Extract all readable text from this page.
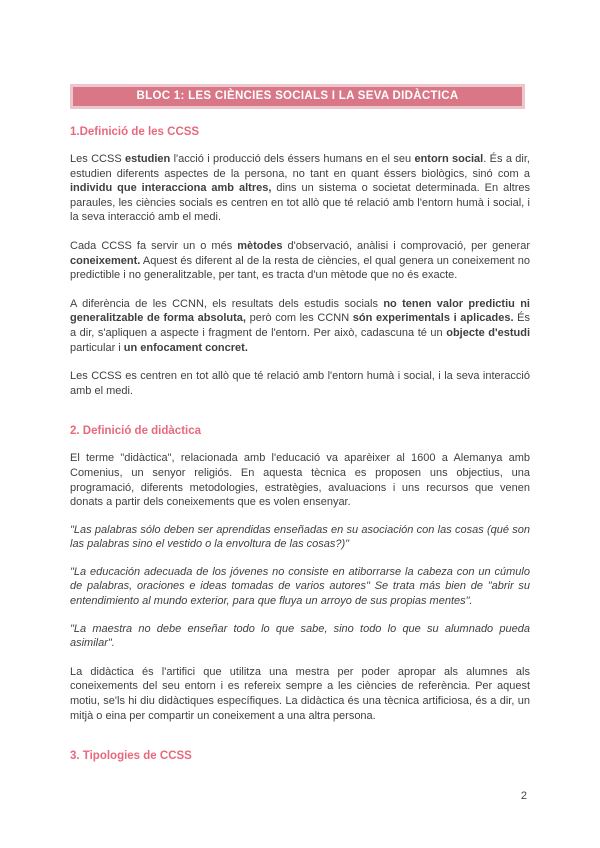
BLOC 1: LES CIÈNCIES SOCIALS I LA SEVA DIDÀCTICA
1.Definició de les CCSS

Les CCSS estudien l'acció i producció dels éssers humans en el seu entorn social. És a dir, estudien diferents aspectes de la persona, no tant en quant éssers biològics, sinó com a individu que interacciona amb altres, dins un sistema o societat determinada. En altres paraules, les ciències socials es centren en tot allò que té relació amb l'entorn humà i social, i la seva interacció amb el medi.

Cada CCSS fa servir un o més mètodes d'observació, anàlisi i comprovació, per generar coneixement. Aquest és diferent al de la resta de ciències, el qual genera un coneixement no predictible i no generalitzable, per tant, es tracta d'un mètode que no és exacte.

A diferència de les CCNN, els resultats dels estudis socials no tenen valor predictiu ni generalitzable de forma absoluta, però com les CCNN són experimentals i aplicades. És a dir, s'apliquen a aspecte i fragment de l'entorn. Per això, cadascuna té un objecte d'estudi particular i un enfocament concret.

Les CCSS es centren en tot allò que té relació amb l'entorn humà i social, i la seva interacció amb el medi.

2. Definició de didàctica

El terme "didàctica", relacionada amb l'educació va aparèixer al 1600 a Alemanya amb Comenius, un senyor religiós. En aquesta tècnica es proposen uns objectius, una programació, diferents metodologies, estratègies, avaluacions i uns recursos que venen donats a partir dels coneixements que es volen ensenyar.

"Las palabras sólo deben ser aprendidas enseñadas en su asociación con las cosas (qué son las palabras sino el vestido o la envoltura de las cosas?)"

"La educación adecuada de los jóvenes no consiste en atiborrarse la cabeza con un cúmulo de palabras, oraciones e ideas tomadas de varios autores" Se trata más bien de "abrir su entendimiento al mundo exterior, para que fluya un arroyo de sus propias mentes".

"La maestra no debe enseñar todo lo que sabe, sino todo lo que su alumnado pueda asimilar".

La didàctica és l'artifici que utilitza una mestra per poder apropar als alumnes als coneixements del seu entorn i es refereix sempre a les ciències de referència. Per aquest motiu, se'ls hi diu didàctiques específiques. La didàctica és una tècnica artificiosa, és a dir, un mitjà o eina per compartir un coneixement a una altra persona.

3. Tipologies de CCSS
2
